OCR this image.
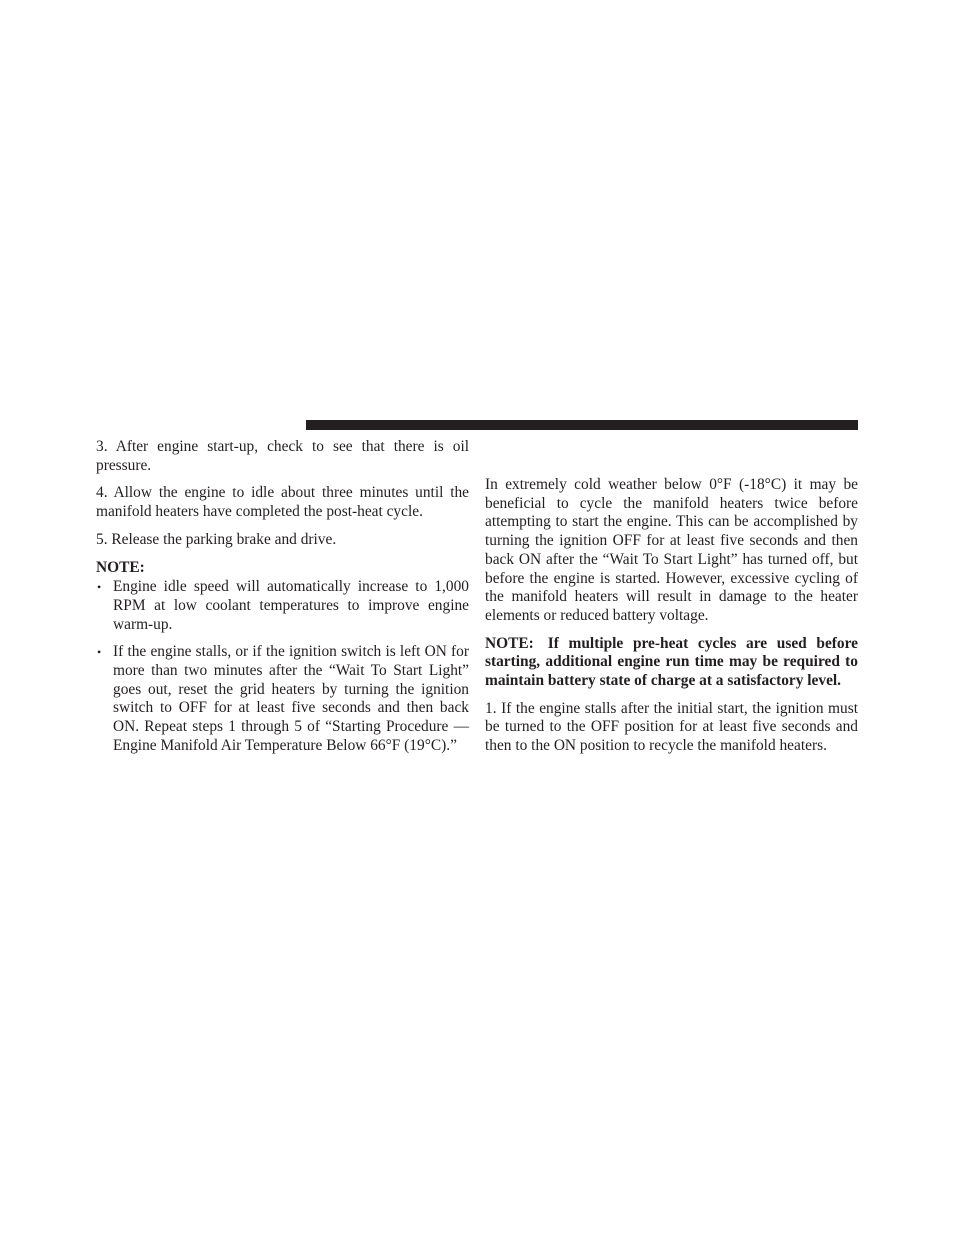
3. After engine start-up, check to see that there is oil pressure.

4. Allow the engine to idle about three minutes until the manifold heaters have completed the post-heat cycle.

5. Release the parking brake and drive.

NOTE:

• Engine idle speed will automatically increase to 1,000 RPM at low coolant temperatures to improve engine warm-up.
• If the engine stalls, or if the ignition switch is left ON for more than two minutes after the “Wait To Start Light” goes out, reset the grid heaters by turning the ignition switch to OFF for at least five seconds and then back ON. Repeat steps 1 through 5 of “Starting Procedure — Engine Manifold Air Temperature Below 66°F (19°C).”

In extremely cold weather below 0°F (-18°C) it may be beneficial to cycle the manifold heaters twice before attempting to start the engine. This can be accomplished by turning the ignition OFF for at least five seconds and then back ON after the “Wait To Start Light” has turned off, but before the engine is started. However, excessive cycling of the manifold heaters will result in damage to the heater elements or reduced battery voltage.

NOTE: If multiple pre-heat cycles are used before starting, additional engine run time may be required to maintain battery state of charge at a satisfactory level.

1. If the engine stalls after the initial start, the ignition must be turned to the OFF position for at least five seconds and then to the ON position to recycle the manifold heaters.
